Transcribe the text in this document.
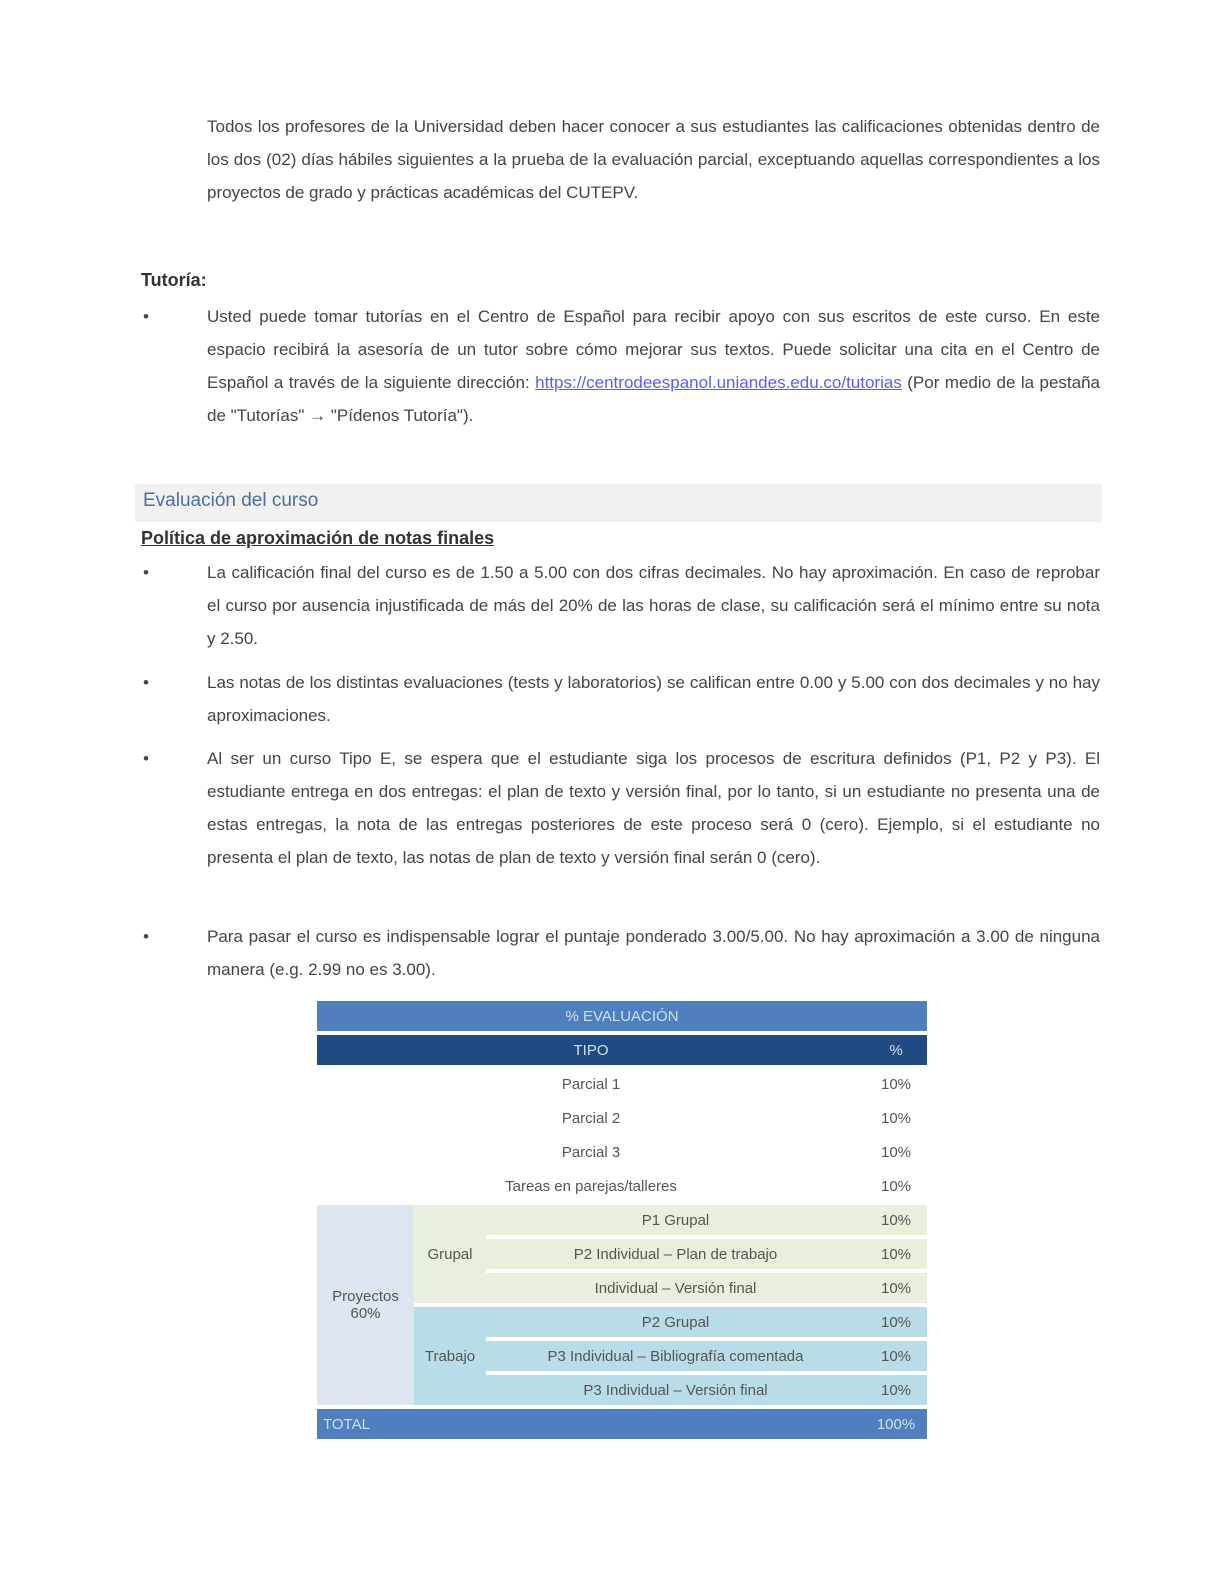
Todos los profesores de la Universidad deben hacer conocer a sus estudiantes las calificaciones obtenidas dentro de los dos (02) días hábiles siguientes a la prueba de la evaluación parcial, exceptuando aquellas correspondientes a los proyectos de grado y prácticas académicas del CUTEPV.

Tutoría:
•	Usted puede tomar tutorías en el Centro de Español para recibir apoyo con sus escritos de este curso. En este espacio recibirá la asesoría de un tutor sobre cómo mejorar sus textos. Puede solicitar una cita en el Centro de Español a través de la siguiente dirección: https://centrodeespanol.uniandes.edu.co/tutorias (Por medio de la pestaña de "Tutorías" → "Pídenos Tutoría").

Evaluación del curso
Política de aproximación de notas finales
•	La calificación final del curso es de 1.50 a 5.00 con dos cifras decimales. No hay aproximación. En caso de reprobar el curso por ausencia injustificada de más del 20% de las horas de clase, su calificación será el mínimo entre su nota y 2.50.

•	Las notas de los distintas evaluaciones (tests y laboratorios) se califican entre 0.00 y 5.00 con dos decimales y no hay aproximaciones.

•	Al ser un curso Tipo E, se espera que el estudiante siga los procesos de escritura definidos (P1, P2 y P3). El estudiante entrega en dos entregas: el plan de texto y versión final, por lo tanto, si un estudiante no presenta una de estas entregas, la nota de las entregas posteriores de este proceso será 0 (cero). Ejemplo, si el estudiante no presenta el plan de texto, las notas de plan de texto y versión final serán 0 (cero).

•	Para pasar el curso es indispensable lograr el puntaje ponderado 3.00/5.00. No hay aproximación a 3.00 de ninguna manera (e.g. 2.99 no es 3.00).

% EVALUACIÓN			
TIPO			%
Parcial 1			10%
Parcial 2			10%
Parcial 3			10%
Tareas en parejas/talleres			10%
Proyectos 60%	Grupal	P1 Grupal	10%
		P2 Individual – Plan de trabajo	10%
		Individual – Versión final	10%
	Trabajo	P2 Grupal	10%
		P3 Individual – Bibliografía comentada	10%
		P3 Individual – Versión final	10%
TOTAL			100%
